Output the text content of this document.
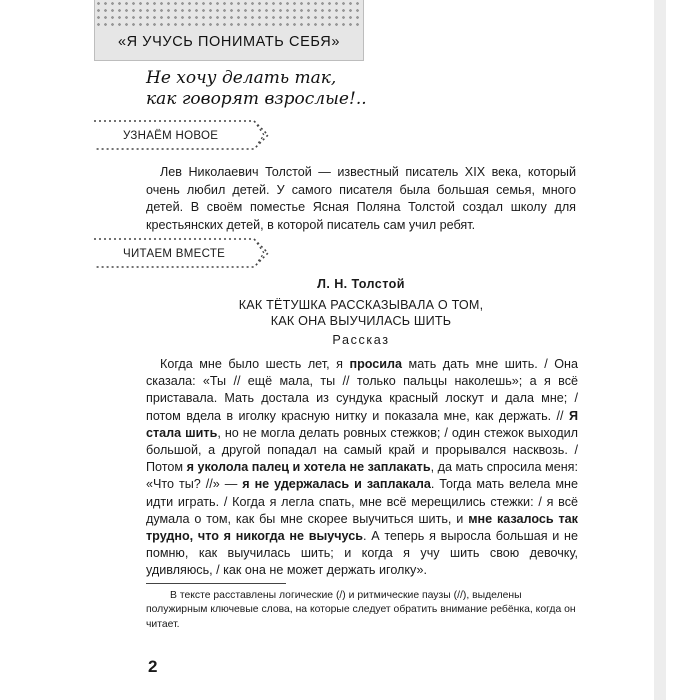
«Я УЧУСЬ ПОНИМАТЬ СЕБЯ»
Не хочу делать так,
как говорят взрослые!..
УЗНАЁМ НОВОЕ
Лев Николаевич Толстой — известный писатель XIX века, который очень любил детей. У самого писателя была большая семья, много детей. В своём поместье Ясная Поляна Толстой создал школу для крестьянских детей, в которой писатель сам учил ребят.
ЧИТАЕМ ВМЕСТЕ
Л. Н. Толстой
КАК ТЁТУШКА РАССКАЗЫВАЛА О ТОМ,
КАК ОНА ВЫУЧИЛАСЬ ШИТЬ
Рассказ
Когда мне было шесть лет, я просила мать дать мне шить. / Она сказала: «Ты // ещё мала, ты // только пальцы наколешь»; а я всё приставала. Мать достала из сундука красный лоскут и дала мне; / потом вдела в иголку красную нитку и показала мне, как держать. // Я стала шить, но не могла делать ровных стежков; / один стежок выходил большой, а другой попадал на самый край и прорывался насквозь. / Потом я уколола палец и хотела не заплакать, да мать спросила меня: «Что ты? //» — я не удержалась и заплакала. Тогда мать велела мне идти играть. / Когда я легла спать, мне всё мерещились стежки: / я всё думала о том, как бы мне скорее выучиться шить, и мне казалось так трудно, что я никогда не выучусь. А теперь я выросла большая и не помню, как выучилась шить; и когда я учу шить свою девочку, удивляюсь, / как она не может держать иголку».
В тексте расставлены логические (/) и ритмические паузы (//), выделены полужирным ключевые слова, на которые следует обратить внимание ребёнка, когда он читает.
2
